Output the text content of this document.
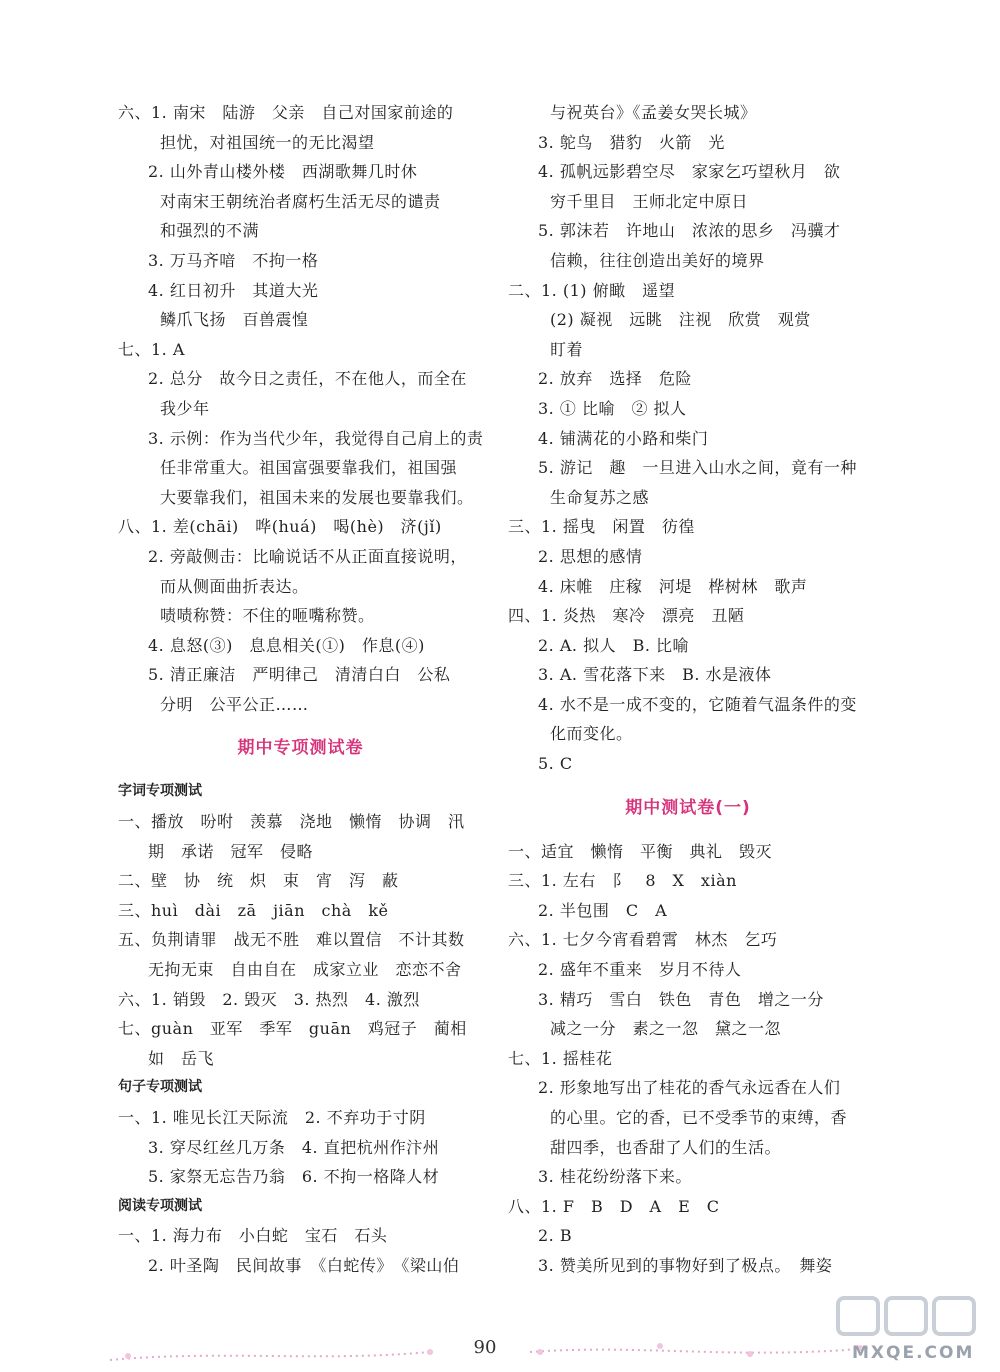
六、1. 南宋　陆游　父亲　自己对国家前途的
担忧，对祖国统一的无比渴望
2. 山外青山楼外楼　西湖歌舞几时休
对南宋王朝统治者腐朽生活无尽的谴责
和强烈的不满
3. 万马齐喑　不拘一格
4. 红日初升　其道大光
鳞爪飞扬　百兽震惶
七、1. A
2. 总分　故今日之责任，不在他人，而全在
我少年
3. 示例：作为当代少年，我觉得自己肩上的责
任非常重大。祖国富强要靠我们，祖国强
大要靠我们，祖国未来的发展也要靠我们。
八、1. 差(chāi)　哗(huá)　喝(hè)　济(jǐ)
2. 旁敲侧击：比喻说话不从正面直接说明，
而从侧面曲折表达。
啧啧称赞：不住的咂嘴称赞。
4. 息怒(③)　息息相关(①)　作息(④)
5. 清正廉洁　严明律己　清清白白　公私
分明　公平公正……
期中专项测试卷
字词专项测试
一、播放　吩咐　羡慕　浇地　懒惰　协调　汛
期　承诺　冠军　侵略
二、壁　协　统　炽　束　宵　泻　蔽
三、huì　dài　zā　jiān　chà　kě
五、负荆请罪　战无不胜　难以置信　不计其数
无拘无束　自由自在　成家立业　恋恋不舍
六、1. 销毁　2. 毁灭　3. 热烈　4. 激烈
七、guàn　亚军　季军　guān　鸡冠子　蔺相
如　岳飞
句子专项测试
一、1. 唯见长江天际流　2. 不弃功于寸阴
3. 穿尽红丝几万条　4. 直把杭州作汴州
5. 家祭无忘告乃翁　6. 不拘一格降人材
阅读专项测试
一、1. 海力布　小白蛇　宝石　石头
2. 叶圣陶　民间故事　《白蛇传》　《梁山伯
与祝英台》《孟姜女哭长城》
3. 鸵鸟　猎豹　火箭　光
4. 孤帆远影碧空尽　家家乞巧望秋月　欲
穷千里目　王师北定中原日
5. 郭沫若　许地山　浓浓的思乡　冯骥才
信赖，往往创造出美好的境界
二、1. (1) 俯瞰　遥望
(2) 凝视　远眺　注视　欣赏　观赏
盯着
2. 放弃　选择　危险
3. ① 比喻　② 拟人
4. 铺满花的小路和柴门
5. 游记　趣　一旦进入山水之间，竟有一种
生命复苏之感
三、1. 摇曳　闲置　彷徨
2. 思想的感情
4. 床帷　庄稼　河堤　桦树林　歌声
四、1. 炎热　寒冷　漂亮　丑陋
2. A. 拟人　B. 比喻
3. A. 雪花落下来　B. 水是液体
4. 水不是一成不变的，它随着气温条件的变
化而变化。
5. C
期中测试卷(一)
一、适宜　懒惰　平衡　典礼　毁灭
三、1. 左右　阝　8　X　xiàn
2. 半包围　C　A
六、1. 七夕今宵看碧霄　林杰　乞巧
2. 盛年不重来　岁月不待人
3. 精巧　雪白　铁色　青色　增之一分
减之一分　素之一忽　黛之一忽
七、1. 摇桂花
2. 形象地写出了桂花的香气永远香在人们
的心里。它的香，已不受季节的束缚，香
甜四季，也香甜了人们的生活。
3. 桂花纷纷落下来。
八、1. F　B　D　A　E　C
2. B
3. 赞美所见到的事物好到了极点。　舞姿
90	MXQE.COM
